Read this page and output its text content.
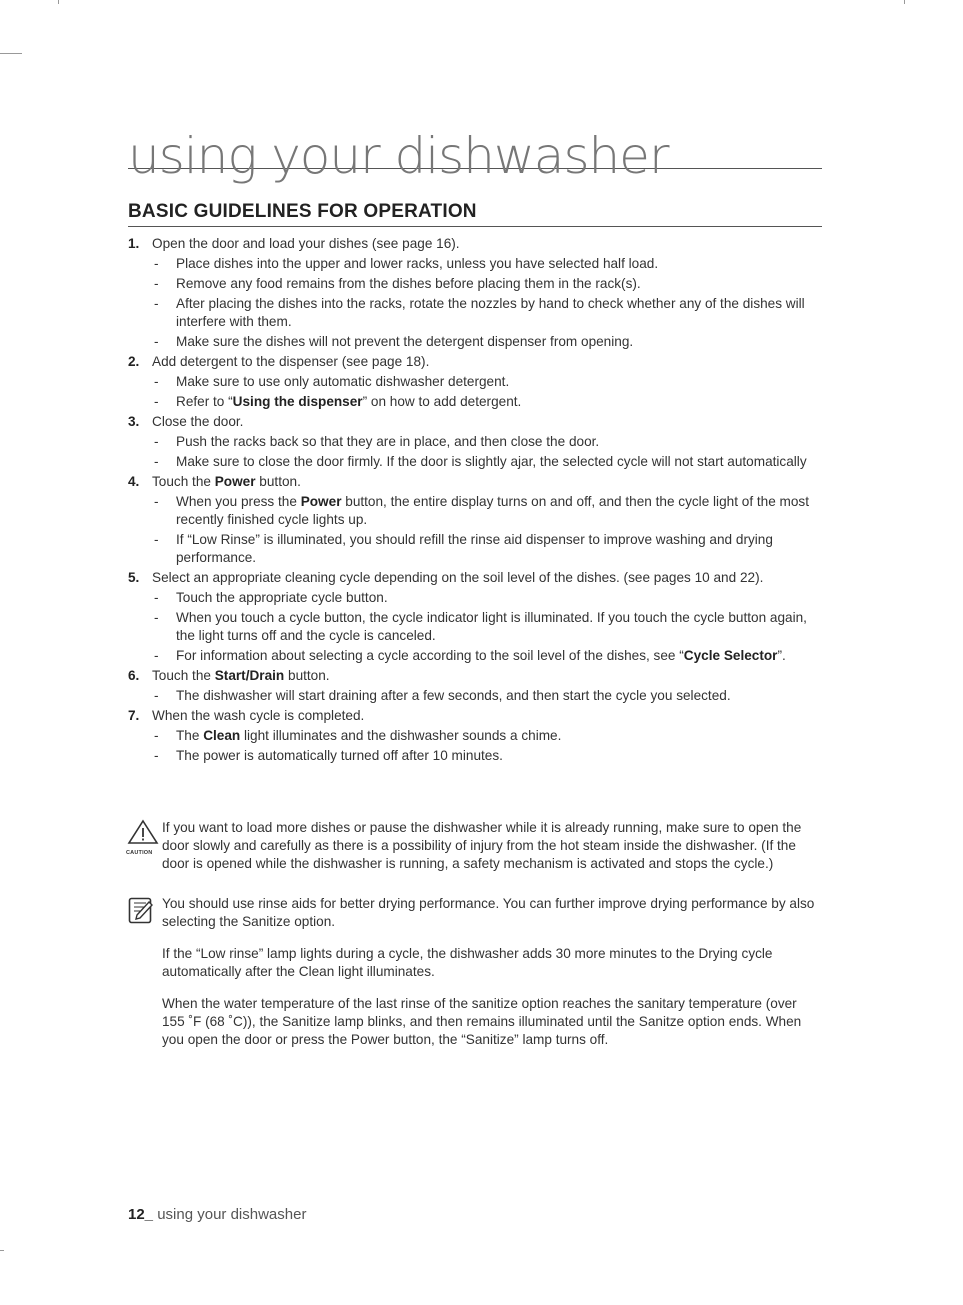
using your dishwasher
BASIC GUIDELINES FOR OPERATION
1. Open the door and load your dishes (see page 16).
- Place dishes into the upper and lower racks, unless you have selected half load.
- Remove any food remains from the dishes before placing them in the rack(s).
- After placing the dishes into the racks, rotate the nozzles by hand to check whether any of the dishes will interfere with them.
- Make sure the dishes will not prevent the detergent dispenser from opening.
2. Add detergent to the dispenser (see page 18).
- Make sure to use only automatic dishwasher detergent.
- Refer to “Using the dispenser” on how to add detergent.
3. Close the door.
- Push the racks back so that they are in place, and then close the door.
- Make sure to close the door firmly. If the door is slightly ajar, the selected cycle will not start automatically
4. Touch the Power button.
- When you press the Power button, the entire display turns on and off, and then the cycle light of the most recently finished cycle lights up.
- If “Low Rinse” is illuminated, you should refill the rinse aid dispenser to improve washing and drying performance.
5. Select an appropriate cleaning cycle depending on the soil level of the dishes. (see pages 10 and 22).
- Touch the appropriate cycle button.
- When you touch a cycle button, the cycle indicator light is illuminated. If you touch the cycle button again, the light turns off and the cycle is canceled.
- For information about selecting a cycle according to the soil level of the dishes, see “Cycle Selector”.
6. Touch the Start/Drain button.
- The dishwasher will start draining after a few seconds, and then start the cycle you selected.
7. When the wash cycle is completed.
- The Clean light illuminates and the dishwasher sounds a chime.
- The power is automatically turned off after 10 minutes.
CAUTION

If you want to load more dishes or pause the dishwasher while it is already running, make sure to open the door slowly and carefully as there is a possibility of injury from the hot steam inside the dishwasher. (If the door is opened while the dishwasher is running, a safety mechanism is activated and stops the cycle.)

You should use rinse aids for better drying performance. You can further improve drying performance by also selecting the Sanitize option.

If the “Low rinse” lamp lights during a cycle, the dishwasher adds 30 more minutes to the Drying cycle automatically after the Clean light illuminates.

When the water temperature of the last rinse of the sanitize option reaches the sanitary temperature (over 155 ˚F (68 ˚C)), the Sanitize lamp blinks, and then remains illuminated until the Sanitze option ends. When you open the door or press the Power button, the “Sanitize” lamp turns off.

12_ using your dishwasher
